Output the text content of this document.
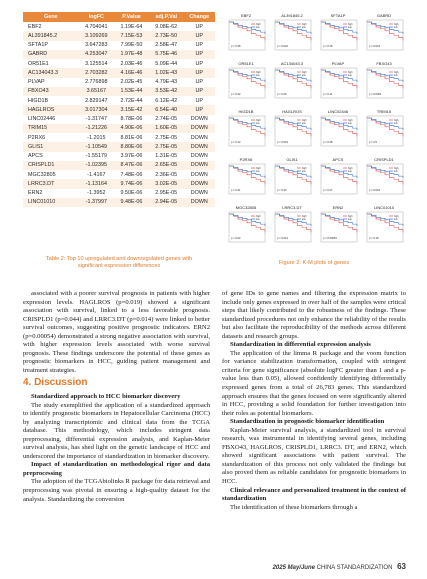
Gene	logFC	P.Value	adj.P.Val	Change
EBF2	4.704041	1.19E-64	9.08E-62	UP
AL391845.2	3.109269	7.15E-53	2.73E-50	UP
SFTA1P	3.647283	7.99E-50	2.58E-47	UP
GABRD	4.253047	1.97E-48	5.75E-46	UP
OR51E1	3.125514	2.03E-46	5.09E-44	UP
AC134043.3	2.703282	4.16E-46	1.02E-43	UP
PLVAP	2.776898	2.02E-45	4.79E-43	UP
FBXO43	3.65167	1.53E-44	3.53E-42	UP
HIGD1B	2.829147	2.72E-44	6.12E-42	UP
HAGLROS	3.017304	3.15E-42	6.54E-40	UP
LINC02446	-1.31747	8.78E-06	2.74E-05	DOWN
TRIM15	-1.21226	4.90E-06	1.60E-05	DOWN
P2RX6	-1.2015	8.81E-06	2.75E-05	DOWN
GLIS1	-1.10549	8.80E-06	2.75E-05	DOWN
APCS	-1.55179	3.97E-06	1.31E-05	DOWN
CRISPLD1	-1.02395	8.47E-06	2.65E-05	DOWN
MGC32805	-1.4167	7.48E-06	2.36E-05	DOWN
LRRC3.DT	-1.13164	9.74E-06	3.02E-05	DOWN
ERN2	-1.3952	9.50E-06	2.95E-05	DOWN
LINC01010	-1.37997	9.48E-06	2.94E-05	DOWN
Table 2: Top 10 upregulated and downregulated genes with
significant expression differences
EBF2
high
low
p = 0.38
AL391845.2
high
low
p = 0.022
SFTA1P
high
low
p = 0.16
GABRD
high
low
p = 0.043
OR51E1
high
low
p = 0.32
AC134043.3
high
low
p = 0.26
PLVAP
high
low
p = 0.11
FBXO43
high
low
p = 0.0001
HIGD1B
high
low
p = 0.12
HAGLROS
high
low
p = 0.019
LINC02446
high
low
p = 0.28
TRIM15
high
low
p = 0.5
P2RX6
high
low
p = 0.41
GLIS1
high
low
p = 0.33
APCS
high
low
p = 0.27
CRISPLD1
high
low
p = 0.044
MGC32805
high
low
p = 0.62
LRRC3.DT
high
low
p = 0.014
ERN2
high
low
p = 0.00054
LINC01010
high
low
p = 0.18
Figure 2: K-M plots of genes

associated with a poorer survival prognosis in patients with higher expression levels. HAGLROS (p=0.019) showed a significant association with survival, linked to a less favorable prognosis. CRISPLD1 (p=0.044) and LRRC3.DT (p=0.014) were linked to better survival outcomes, suggesting positive prognostic indicators. ERN2 (p=0.00054) demonstrated a strong negative association with survival, with higher expression levels associated with worse survival prognosis. These findings underscore the potential of these genes as prognostic biomarkers in HCC, guiding patient management and treatment strategies.

4. Discussion

Standardized approach to HCC biomarker discovery

The study exemplified the application of a standardized approach to identify prognostic biomarkers in Hepatocellular Carcinoma (HCC) by analyzing transcriptomic and clinical data from the TCGA database. This methodology, which includes stringent data preprocessing, differential expression analysis, and Kaplan-Meier survival analysis, has shed light on the genetic landscape of HCC and underscored the importance of standardization in biomarker discovery.

Impact of standardization on methodological rigor and data preprocessing

The adoption of the TCGAbiolinks R package for data retrieval and preprocessing was pivotal in ensuring a high-quality dataset for the analysis. Standardizing the conversion

of gene IDs to gene names and filtering the expression matrix to include only genes expressed in over half of the samples were critical steps that likely contributed to the robustness of the findings. These standardized procedures not only enhance the reliability of the results but also facilitate the reproducibility of the methods across different datasets and research groups.

Standardization in differential expression analysis

The application of the limma R package and the voom function for variance stabilization transformation, coupled with stringent criteria for gene significance (absolute logFC greater than 1 and a p-value less than 0.05), allowed confidently identifying differentially expressed genes from a total of 26,783 genes. This standardized approach ensures that the genes focused on were significantly altered in HCC, providing a solid foundation for further investigation into their roles as potential biomarkers.

Standardization in prognostic biomarker identification

Kaplan-Meier survival analysis, a standardized tool in survival research, was instrumental in identifying several genes, including FBXO43, HAGLROS, CRISPLD1, LRRC3. DT, and ERN2, which showed significant associations with patient survival. The standardization of this process not only validated the findings but also proved them as reliable candidates for prognostic biomarkers in HCC.

Clinical relevance and personalized treatment in the context of standardization

The identification of these biomarkers through a

2025 May/June CHINA STANDARDIZATION 63
